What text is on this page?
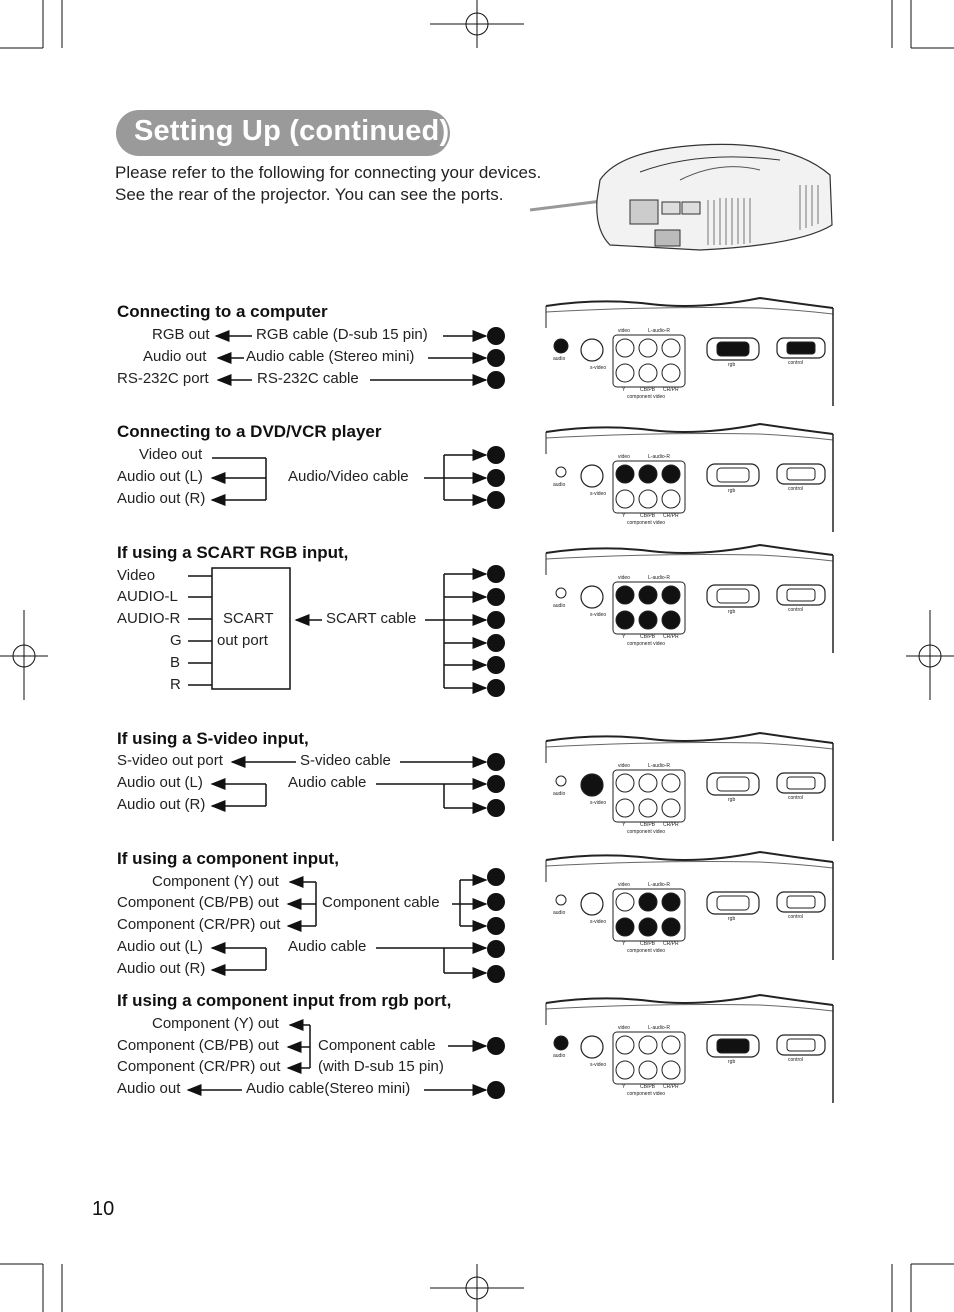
Setting Up (continued)
Please refer to the following for connecting your devices.
See the rear of the projector. You can see the ports.
Connecting to a computer
RGB out	RGB cable (D-sub 15 pin)
Audio out	Audio cable (Stereo mini)
RS-232C port	RS-232C cable
Connecting to a DVD/VCR player
Video out
Audio out (L)
Audio out (R)
Audio/Video cable
If using a SCART RGB input,
Video
AUDIO-L
AUDIO-R
G
B
R
SCART
out port
SCART cable
If using a S-video input,
S-video out port
Audio out (L)
Audio out (R)
S-video cable
Audio cable
If using a component input,
Component (Y) out
Component (CB/PB) out
Component (CR/PR) out
Audio out (L)
Audio out (R)
Component cable
Audio cable
If using a component input from rgb port,
Component (Y) out
Component (CB/PB) out
Component (CR/PR) out
Audio out
Component cable
(with D-sub 15 pin)
Audio cable(Stereo mini)
audio
s-video
video	L-audio-R
Y	CB/PB CR/PR
component video
rgb	control
audio
s-video
video	L-audio-R
Y	CB/PB CR/PR
component video
rgb	control
audio
s-video
video	L-audio-R
Y	CB/PB CR/PR
component video
rgb	control
audio
s-video
video	L-audio-R
Y	CB/PB CR/PR
component video
rgb	control
audio
s-video
video	L-audio-R
Y	CB/PB CR/PR
component video
rgb	control
audio
s-video
video	L-audio-R
Y	CB/PB CR/PR
component video
rgb	control
10
